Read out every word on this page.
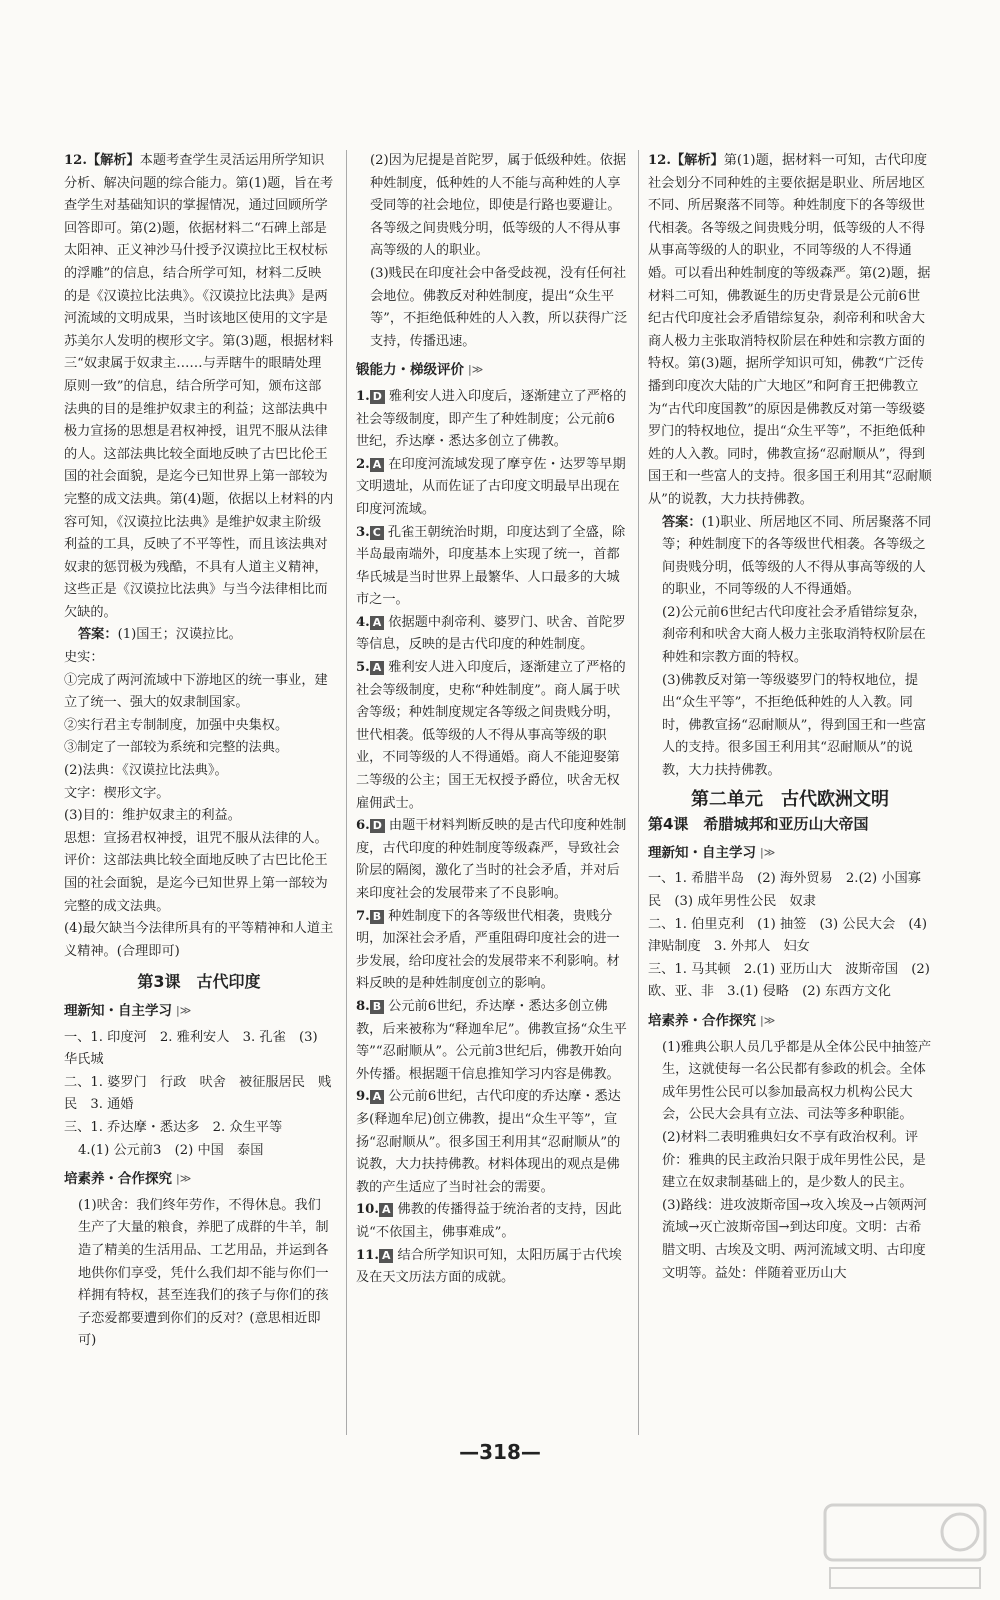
12.【解析】本题考查学生灵活运用所学知识分析、解决问题的综合能力。第(1)题，旨在考查学生对基础知识的掌握情况，通过回顾所学回答即可。第(2)题，依据材料二“石碑上部是太阳神、正义神沙马什授予汉谟拉比王权杖标的浮雕”的信息，结合所学可知，材料二反映的是《汉谟拉比法典》。《汉谟拉比法典》是两河流域的文明成果，当时该地区使用的文字是苏美尔人发明的楔形文字。第(3)题，根据材料三“奴隶属于奴隶主……与弄瞎牛的眼睛处理原则一致”的信息，结合所学可知，颁布这部法典的目的是维护奴隶主的利益；这部法典中极力宣扬的思想是君权神授，诅咒不服从法律的人。这部法典比较全面地反映了古巴比伦王国的社会面貌，是迄今已知世界上第一部较为完整的成文法典。第(4)题，依据以上材料的内容可知，《汉谟拉比法典》是维护奴隶主阶级利益的工具，反映了不平等性，而且该法典对奴隶的惩罚极为残酷，不具有人道主义精神，这些正是《汉谟拉比法典》与当今法律相比而欠缺的。

答案：(1)国王；汉谟拉比。

史实：

①完成了两河流域中下游地区的统一事业，建立了统一、强大的奴隶制国家。

②实行君主专制制度，加强中央集权。

③制定了一部较为系统和完整的法典。

(2)法典：《汉谟拉比法典》。

文字：楔形文字。

(3)目的：维护奴隶主的利益。

思想：宣扬君权神授，诅咒不服从法律的人。

评价：这部法典比较全面地反映了古巴比伦王国的社会面貌，是迄今已知世界上第一部较为完整的成文法典。

(4)最欠缺当今法律所具有的平等精神和人道主义精神。(合理即可)

第3课　古代印度
理新知・自主学习 |≫

一、1. 印度河　2. 雅利安人　3. 孔雀　(3) 华氏城

二、1. 婆罗门　行政　吠舍　被征服居民　贱民　3. 通婚

三、1. 乔达摩・悉达多　2. 众生平等

4.(1) 公元前3　(2) 中国　泰国

培素养・合作探究 |≫

(1)吠舍：我们终年劳作，不得休息。我们生产了大量的粮食，养肥了成群的牛羊，制造了精美的生活用品、工艺用品，并运到各地供你们享受，凭什么我们却不能与你们一样拥有特权，甚至连我们的孩子与你们的孩子恋爱都要遭到你们的反对？(意思相近即可)

(2)因为尼提是首陀罗，属于低级种姓。依据种姓制度，低种姓的人不能与高种姓的人享受同等的社会地位，即使是行路也要避让。

各等级之间贵贱分明，低等级的人不得从事高等级的人的职业。

(3)贱民在印度社会中备受歧视，没有任何社会地位。佛教反对种姓制度，提出“众生平等”，不拒绝低种姓的人入教，所以获得广泛支持，传播迅速。

锻能力・梯级评价 |≫

1. D 雅利安人进入印度后，逐渐建立了严格的社会等级制度，即产生了种姓制度；公元前6世纪，乔达摩・悉达多创立了佛教。

2. A 在印度河流域发现了摩亨佐・达罗等早期文明遗址，从而佐证了古印度文明最早出现在印度河流域。

3. C 孔雀王朝统治时期，印度达到了全盛，除半岛最南端外，印度基本上实现了统一，首都华氏城是当时世界上最繁华、人口最多的大城市之一。

4. A 依据题中刹帝利、婆罗门、吠舍、首陀罗等信息，反映的是古代印度的种姓制度。

5. A 雅利安人进入印度后，逐渐建立了严格的社会等级制度，史称“种姓制度”。商人属于吠舍等级；种姓制度规定各等级之间贵贱分明，世代相袭。低等级的人不得从事高等级的职业，不同等级的人不得通婚。商人不能迎娶第二等级的公主；国王无权授予爵位，吠舍无权雇佣武士。

6. D 由题干材料判断反映的是古代印度种姓制度，古代印度的种姓制度等级森严，导致社会阶层的隔阂，激化了当时的社会矛盾，并对后来印度社会的发展带来了不良影响。

7. B 种姓制度下的各等级世代相袭，贵贱分明，加深社会矛盾，严重阻碍印度社会的进一步发展，给印度社会的发展带来不利影响。材料反映的是种姓制度创立的影响。

8. B 公元前6世纪，乔达摩・悉达多创立佛教，后来被称为“释迦牟尼”。佛教宣扬“众生平等”“忍耐顺从”。公元前3世纪后，佛教开始向外传播。根据题干信息推知学习内容是佛教。

9. A 公元前6世纪，古代印度的乔达摩・悉达多(释迦牟尼)创立佛教，提出“众生平等”，宣扬“忍耐顺从”。很多国王利用其“忍耐顺从”的说教，大力扶持佛教。材料体现出的观点是佛教的产生适应了当时社会的需要。

10. A 佛教的传播得益于统治者的支持，因此说“不依国主，佛事难成”。

11. A 结合所学知识可知，太阳历属于古代埃及在天文历法方面的成就。

12.【解析】第(1)题，据材料一可知，古代印度社会划分不同种姓的主要依据是职业、所居地区不同、所居聚落不同等。种姓制度下的各等级世代相袭。各等级之间贵贱分明，低等级的人不得从事高等级的人的职业，不同等级的人不得通婚。可以看出种姓制度的等级森严。第(2)题，据材料二可知，佛教诞生的历史背景是公元前6世纪古代印度社会矛盾错综复杂，刹帝利和吠舍大商人极力主张取消特权阶层在种姓和宗教方面的特权。第(3)题，据所学知识可知，佛教“广泛传播到印度次大陆的广大地区”和阿育王把佛教立为“古代印度国教”的原因是佛教反对第一等级婆罗门的特权地位，提出“众生平等”，不拒绝低种姓的人入教。同时，佛教宣扬“忍耐顺从”，得到国王和一些富人的支持。很多国王利用其“忍耐顺从”的说教，大力扶持佛教。

答案：(1)职业、所居地区不同、所居聚落不同等；种姓制度下的各等级世代相袭。各等级之间贵贱分明，低等级的人不得从事高等级的人的职业，不同等级的人不得通婚。

(2)公元前6世纪古代印度社会矛盾错综复杂，刹帝利和吠舍大商人极力主张取消特权阶层在种姓和宗教方面的特权。

(3)佛教反对第一等级婆罗门的特权地位，提出“众生平等”，不拒绝低种姓的人入教。同时，佛教宣扬“忍耐顺从”，得到国王和一些富人的支持。很多国王利用其“忍耐顺从”的说教，大力扶持佛教。

第二单元　古代欧洲文明
第4课　希腊城邦和亚历山大帝国
理新知・自主学习 |≫

一、1. 希腊半岛　(2) 海外贸易　2.(2) 小国寡民　(3) 成年男性公民　奴隶

二、1. 伯里克利　(1) 抽签　(3) 公民大会　(4) 津贴制度　3. 外邦人　妇女

三、1. 马其顿　2.(1) 亚历山大　波斯帝国　(2) 欧、亚、非　3.(1) 侵略　(2) 东西方文化

培素养・合作探究 |≫

(1)雅典公职人员几乎都是从全体公民中抽签产生，这就使每一名公民都有参政的机会。全体成年男性公民可以参加最高权力机构公民大会，公民大会具有立法、司法等多种职能。

(2)材料二表明雅典妇女不享有政治权利。评价：雅典的民主政治只限于成年男性公民，是建立在奴隶制基础上的，是少数人的民主。

(3)路线：进攻波斯帝国→攻入埃及→占领两河流域→灭亡波斯帝国→到达印度。文明：古希腊文明、古埃及文明、两河流域文明、古印度文明等。益处：伴随着亚历山大

—318—
